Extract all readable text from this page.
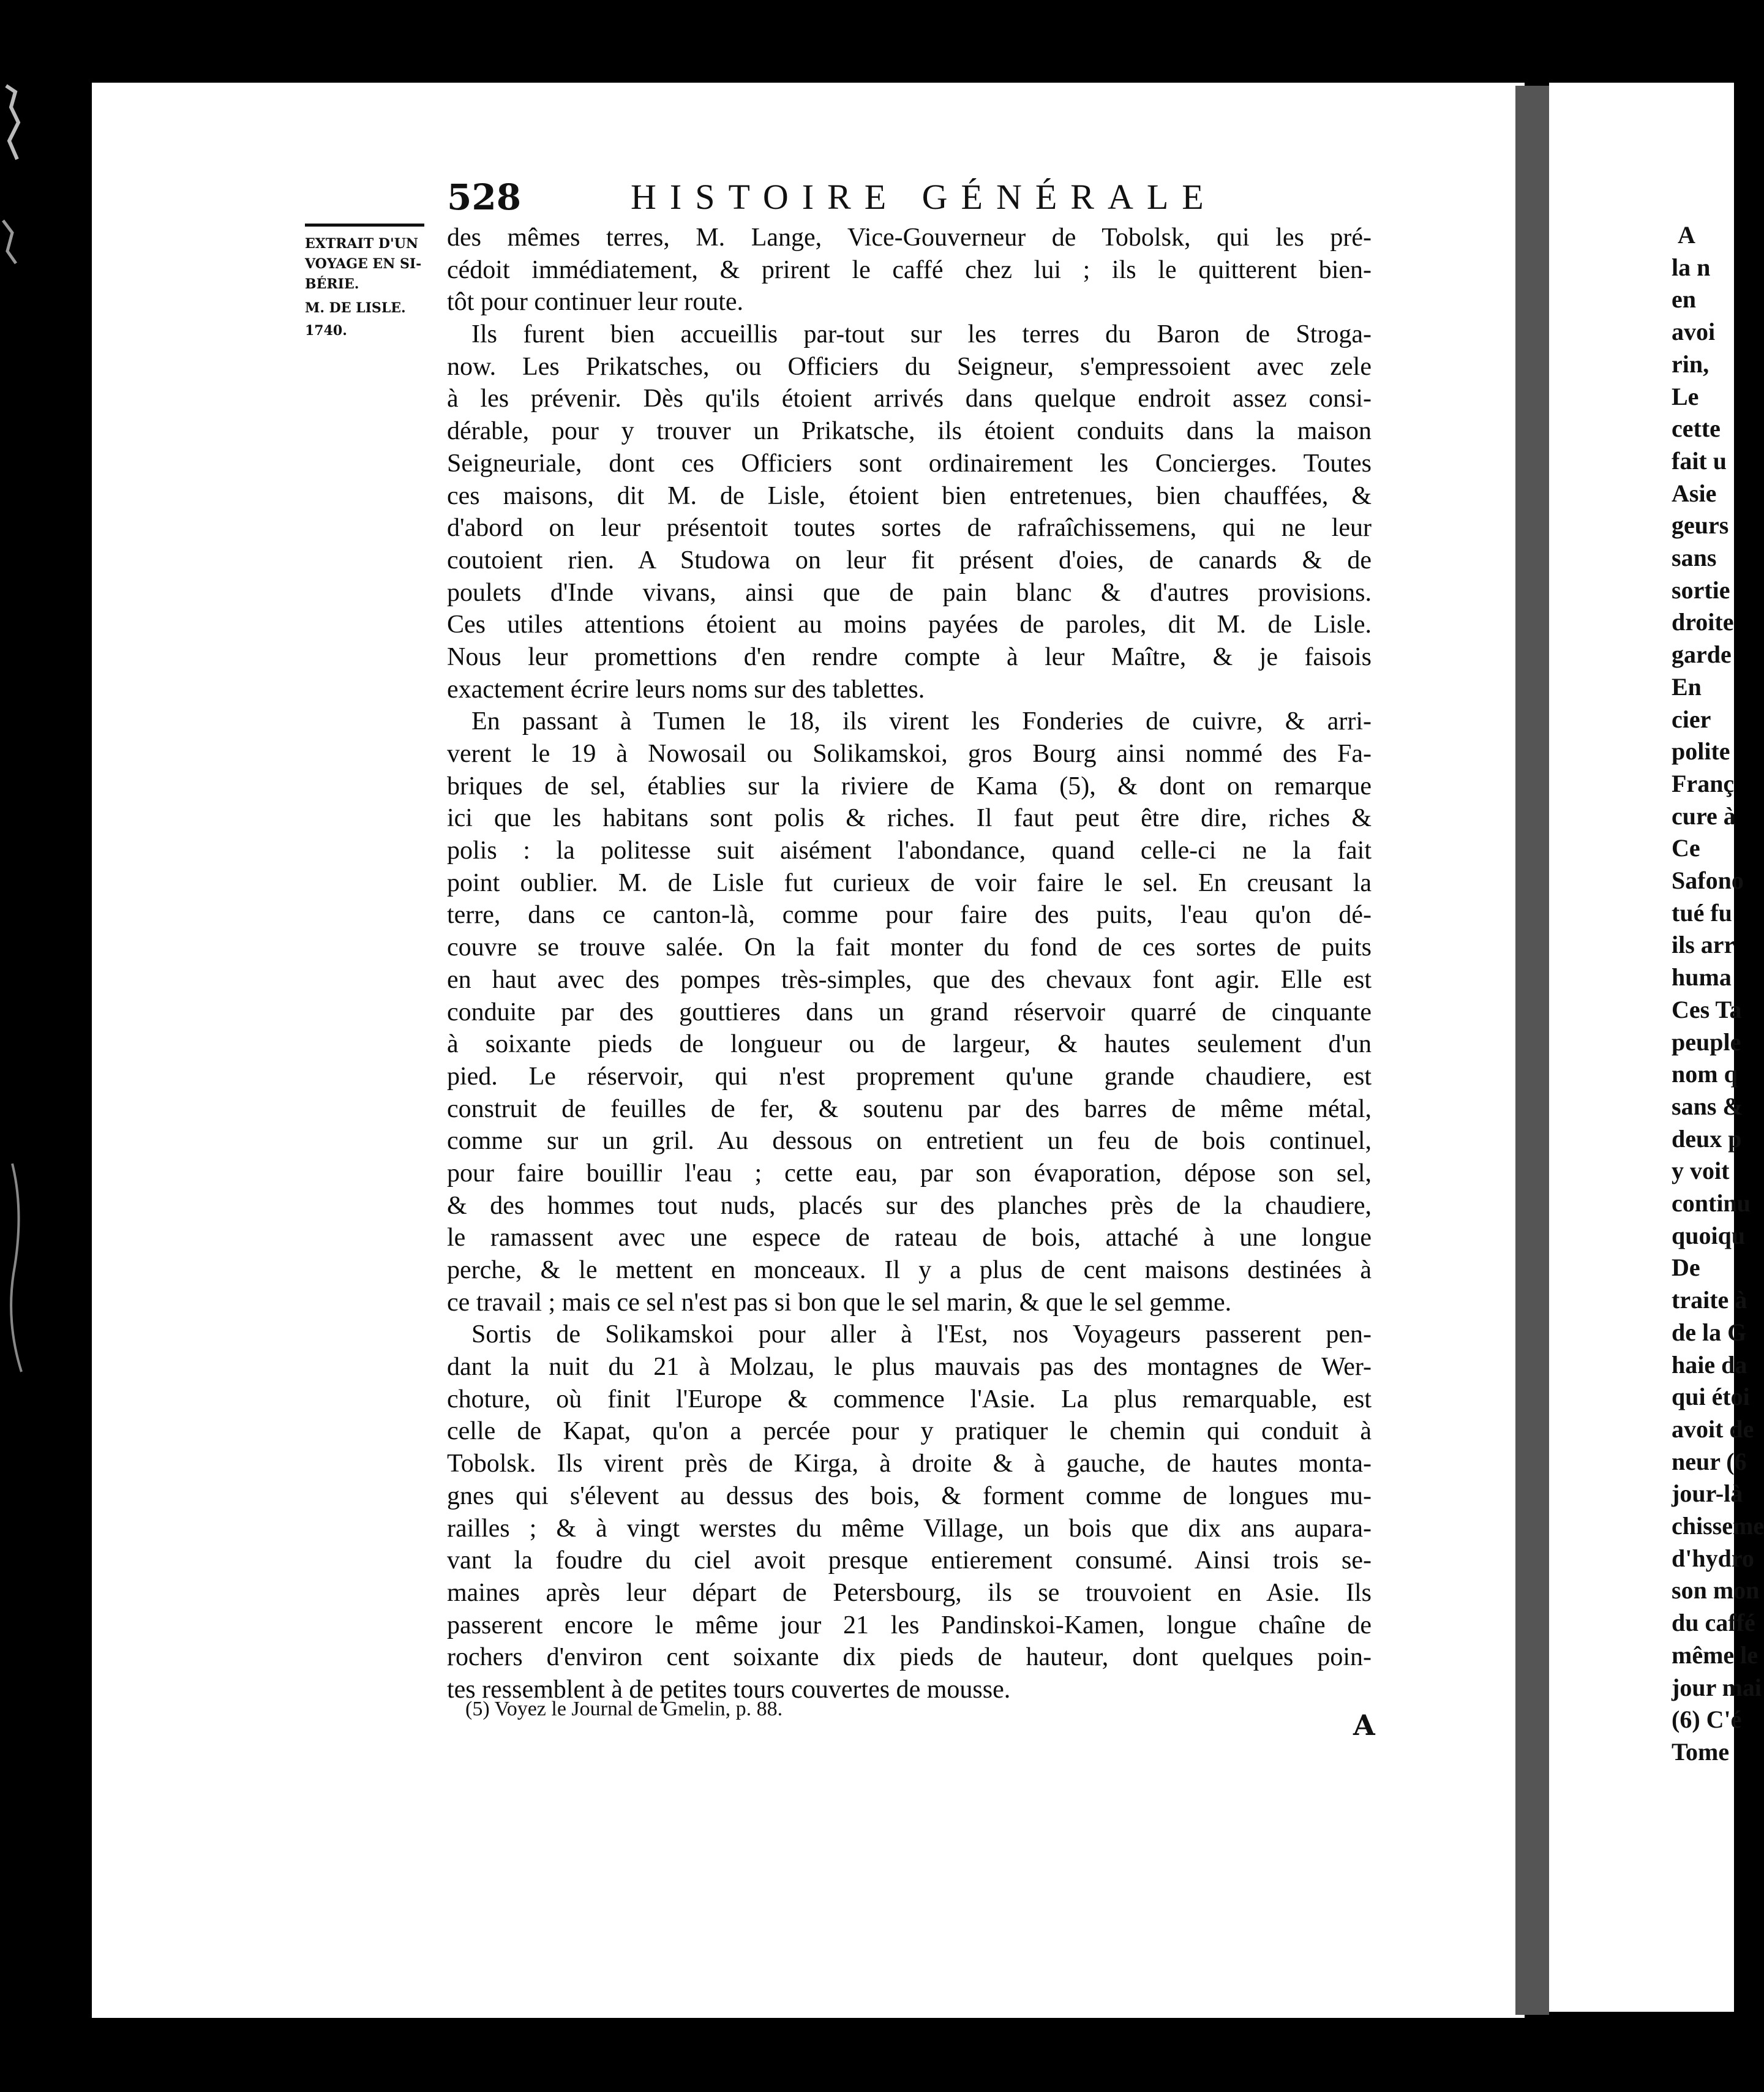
528	HISTOIRE GÉNÉRALE
EXTRAIT D'UN
VOYAGE EN SI-
BÉRIE.
M. DE LISLE.
1740.
des mêmes terres, M. Lange, Vice-Gouverneur de Tobolsk, qui les pré-
cédoit immédiatement, & prirent le caffé chez lui ; ils le quitterent bien-
tôt pour continuer leur route.
Ils furent bien accueillis par-tout sur les terres du Baron de Stroga-
now. Les Prikatsches, ou Officiers du Seigneur, s'empressoient avec zele
à les prévenir. Dès qu'ils étoient arrivés dans quelque endroit assez consi-
dérable, pour y trouver un Prikatsche, ils étoient conduits dans la maison
Seigneuriale, dont ces Officiers sont ordinairement les Concierges. Toutes
ces maisons, dit M. de Lisle, étoient bien entretenues, bien chauffées, &
d'abord on leur présentoit toutes sortes de rafraîchissemens, qui ne leur
coutoient rien. A Studowa on leur fit présent d'oies, de canards & de
poulets d'Inde vivans, ainsi que de pain blanc & d'autres provisions.
Ces utiles attentions étoient au moins payées de paroles, dit M. de Lisle.
Nous leur promettions d'en rendre compte à leur Maître, & je faisois
exactement écrire leurs noms sur des tablettes.
En passant à Tumen le 18, ils virent les Fonderies de cuivre, & arri-
verent le 19 à Nowosail ou Solikamskoi, gros Bourg ainsi nommé des Fa-
briques de sel, établies sur la riviere de Kama (5), & dont on remarque
ici que les habitans sont polis & riches. Il faut peut être dire, riches &
polis : la politesse suit aisément l'abondance, quand celle-ci ne la fait
point oublier. M. de Lisle fut curieux de voir faire le sel. En creusant la
terre, dans ce canton-là, comme pour faire des puits, l'eau qu'on dé-
couvre se trouve salée. On la fait monter du fond de ces sortes de puits
en haut avec des pompes très-simples, que des chevaux font agir. Elle est
conduite par des gouttieres dans un grand réservoir quarré de cinquante
à soixante pieds de longueur ou de largeur, & hautes seulement d'un
pied. Le réservoir, qui n'est proprement qu'une grande chaudiere, est
construit de feuilles de fer, & soutenu par des barres de même métal,
comme sur un gril. Au dessous on entretient un feu de bois continuel,
pour faire bouillir l'eau ; cette eau, par son évaporation, dépose son sel,
& des hommes tout nuds, placés sur des planches près de la chaudiere,
le ramassent avec une espece de rateau de bois, attaché à une longue
perche, & le mettent en monceaux. Il y a plus de cent maisons destinées à
ce travail ; mais ce sel n'est pas si bon que le sel marin, & que le sel gemme.
Sortis de Solikamskoi pour aller à l'Est, nos Voyageurs passerent pen-
dant la nuit du 21 à Molzau, le plus mauvais pas des montagnes de Wer-
choture, où finit l'Europe & commence l'Asie. La plus remarquable, est
celle de Kapat, qu'on a percée pour y pratiquer le chemin qui conduit à
Tobolsk. Ils virent près de Kirga, à droite & à gauche, de hautes monta-
gnes qui s'élevent au dessus des bois, & forment comme de longues mu-
railles ; & à vingt werstes du même Village, un bois que dix ans aupara-
vant la foudre du ciel avoit presque entierement consumé. Ainsi trois se-
maines après leur départ de Petersbourg, ils se trouvoient en Asie. Ils
passerent encore le même jour 21 les Pandinskoi-Kamen, longue chaîne de
rochers d'environ cent soixante dix pieds de hauteur, dont quelques poin-
tes ressemblent à de petites tours couvertes de mousse.
(5) Voyez le Journal de Gmelin, p. 88.	A
A
la n
en
avoi
rin,
Le
cette
fait u
Asie
geurs
sans
sortie
droite
garde
En
cier
polite
Franç
cure à
Ce
Safono
tué fu
ils arr
huma
Ces Ta
peuple
nom q
sans &
deux p
y voit
continu
quoiqu
De
traite à
de la G
haie da
qui étoi
avoit de
neur (6
jour-là
chisseme
d'hydro
son mon
du caffé
même le
jour mai
(6) C'é
Tome
